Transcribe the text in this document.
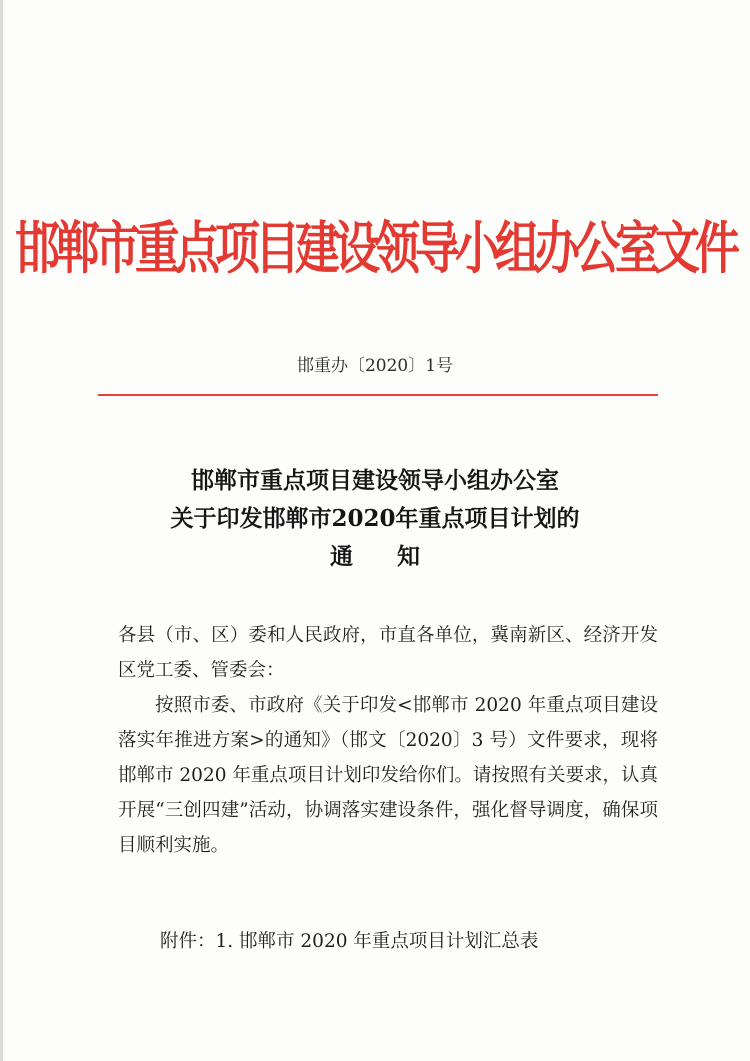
邯郸市重点项目建设领导小组办公室文件
邯重办〔2020〕1号
邯郸市重点项目建设领导小组办公室
关于印发邯郸市2020年重点项目计划的
通知

各县（市、区）委和人民政府，市直各单位，冀南新区、经济开发区党工委、管委会：

按照市委、市政府《关于印发<邯郸市 2020 年重点项目建设落实年推进方案>的通知》（邯文〔2020〕3 号）文件要求，现将邯郸市 2020 年重点项目计划印发给你们。请按照有关要求，认真开展“三创四建”活动，协调落实建设条件，强化督导调度，确保项目顺利实施。

附件：1. 邯郸市 2020 年重点项目计划汇总表
